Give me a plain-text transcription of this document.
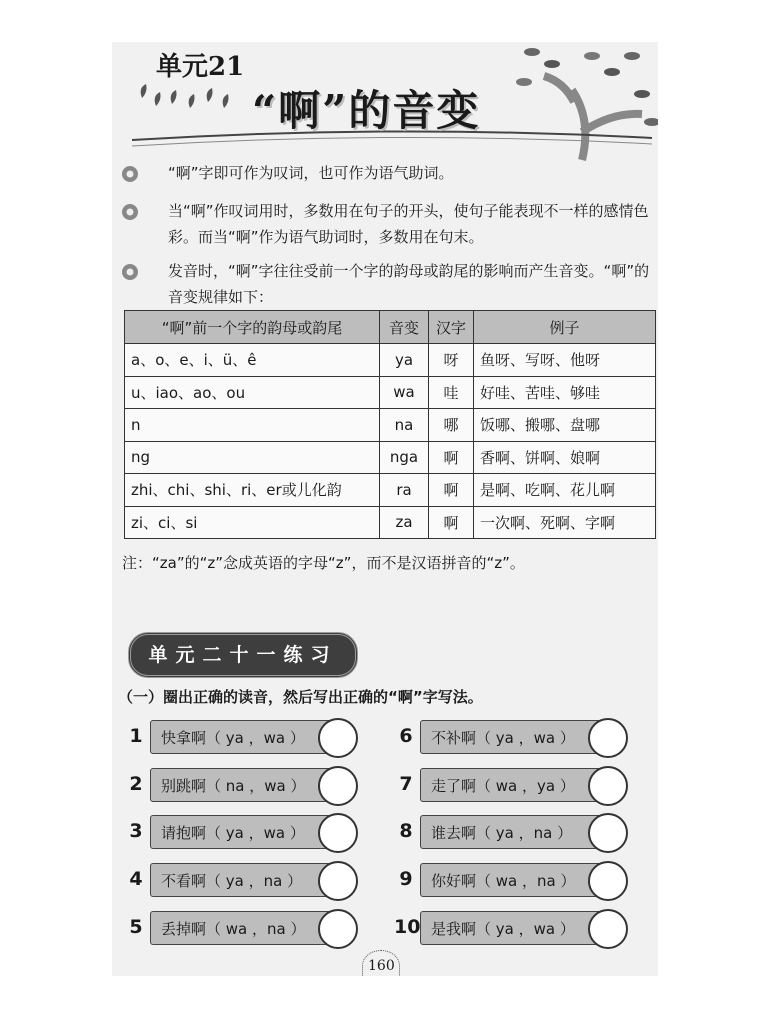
单元21
“啊”的音变
“啊”字即可作为叹词，也可作为语气助词。
当“啊”作叹词用时，多数用在句子的开头，使句子能表现不一样的感情色彩。而当“啊”作为语气助词时，多数用在句末。
发音时，“啊”字往往受前一个字的韵母或韵尾的影响而产生音变。“啊”的音变规律如下：
“啊”前一个字的韵母或韵尾	音变	汉字	例子
a、o、e、i、ü、ê	ya	呀	鱼呀、写呀、他呀
u、iao、ao、ou	wa	哇	好哇、苦哇、够哇
n	na	哪	饭哪、搬哪、盘哪
ng	nga	啊	香啊、饼啊、娘啊
zhi、chi、shi、ri、er或儿化韵	ra	啊	是啊、吃啊、花儿啊
zi、ci、si	za	啊	一次啊、死啊、字啊
注：“za”的“z”念成英语的字母“z”，而不是汉语拼音的“z”。
单元二十一练习
（一）圈出正确的读音，然后写出正确的“啊”字写法。
1	快拿啊（ ya ，wa ）
2	别跳啊（ na ，wa ）
3	请抱啊（ ya ，wa ）
4	不看啊（ ya ，na ）
5	丢掉啊（ wa ，na ）
6	不补啊（ ya ，wa ）
7	走了啊（ wa ，ya ）
8	谁去啊（ ya ，na ）
9	你好啊（ wa ，na ）
10 是我啊（ ya ，wa ）
160
